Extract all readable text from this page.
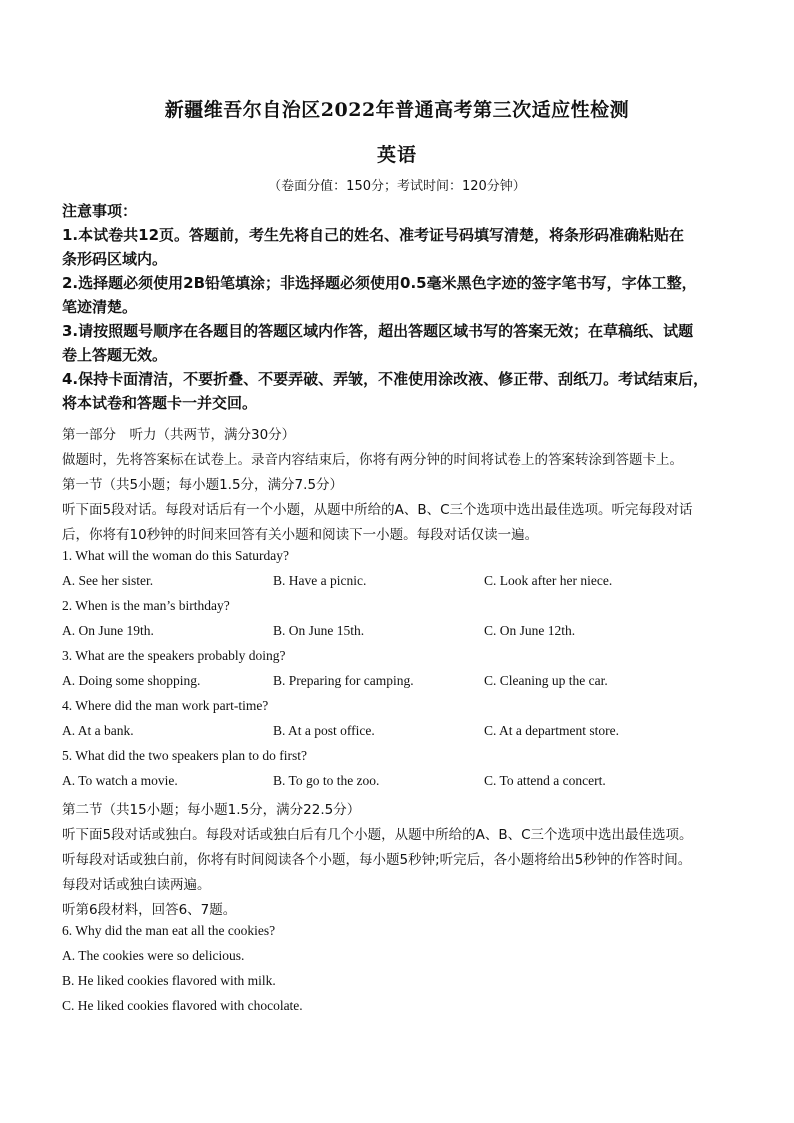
新疆维吾尔自治区2022年普通高考第三次适应性检测
英语
（卷面分值：150分；考试时间：120分钟）
注意事项：
1.本试卷共12页。答题前，考生先将自己的姓名、准考证号码填写清楚，将条形码准确粘贴在
条形码区域内。
2.选择题必须使用2B铅笔填涂；非选择题必须使用0.5毫米黑色字迹的签字笔书写，字体工整，
笔迹清楚。
3.请按照题号顺序在各题目的答题区域内作答，超出答题区域书写的答案无效；在草稿纸、试题
卷上答题无效。
4.保持卡面清洁，不要折叠、不要弄破、弄皱，不准使用涂改液、修正带、刮纸刀。考试结束后，
将本试卷和答题卡一并交回。
第一部分　听力（共两节，满分30分）
做题时，先将答案标在试卷上。录音内容结束后，你将有两分钟的时间将试卷上的答案转涂到答题卡上。
第一节（共5小题；每小题1.5分，满分7.5分）
听下面5段对话。每段对话后有一个小题，从题中所给的A、B、C三个选项中选出最佳选项。听完每段对话
后，你将有10秒钟的时间来回答有关小题和阅读下一小题。每段对话仅读一遍。
1. What will the woman do this Saturday?
A. See her sister.	B. Have a picnic.	C. Look after her niece.
2. When is the man’s birthday?
A. On June 19th.	B. On June 15th.	C. On June 12th.
3. What are the speakers probably doing?
A. Doing some shopping.	B. Preparing for camping.	C. Cleaning up the car.
4. Where did the man work part-time?
A. At a bank.	B. At a post office.	C. At a department store.
5. What did the two speakers plan to do first?
A. To watch a movie.	B. To go to the zoo.	C. To attend a concert.
第二节（共15小题；每小题1.5分，满分22.5分）
听下面5段对话或独白。每段对话或独白后有几个小题，从题中所给的A、B、C三个选项中选出最佳选项。
听每段对话或独白前，你将有时间阅读各个小题，每小题5秒钟;听完后，各小题将给出5秒钟的作答时间。
每段对话或独白读两遍。
听第6段材料，回答6、7题。
6. Why did the man eat all the cookies?
A. The cookies were so delicious.
B. He liked cookies flavored with milk.
C. He liked cookies flavored with chocolate.
